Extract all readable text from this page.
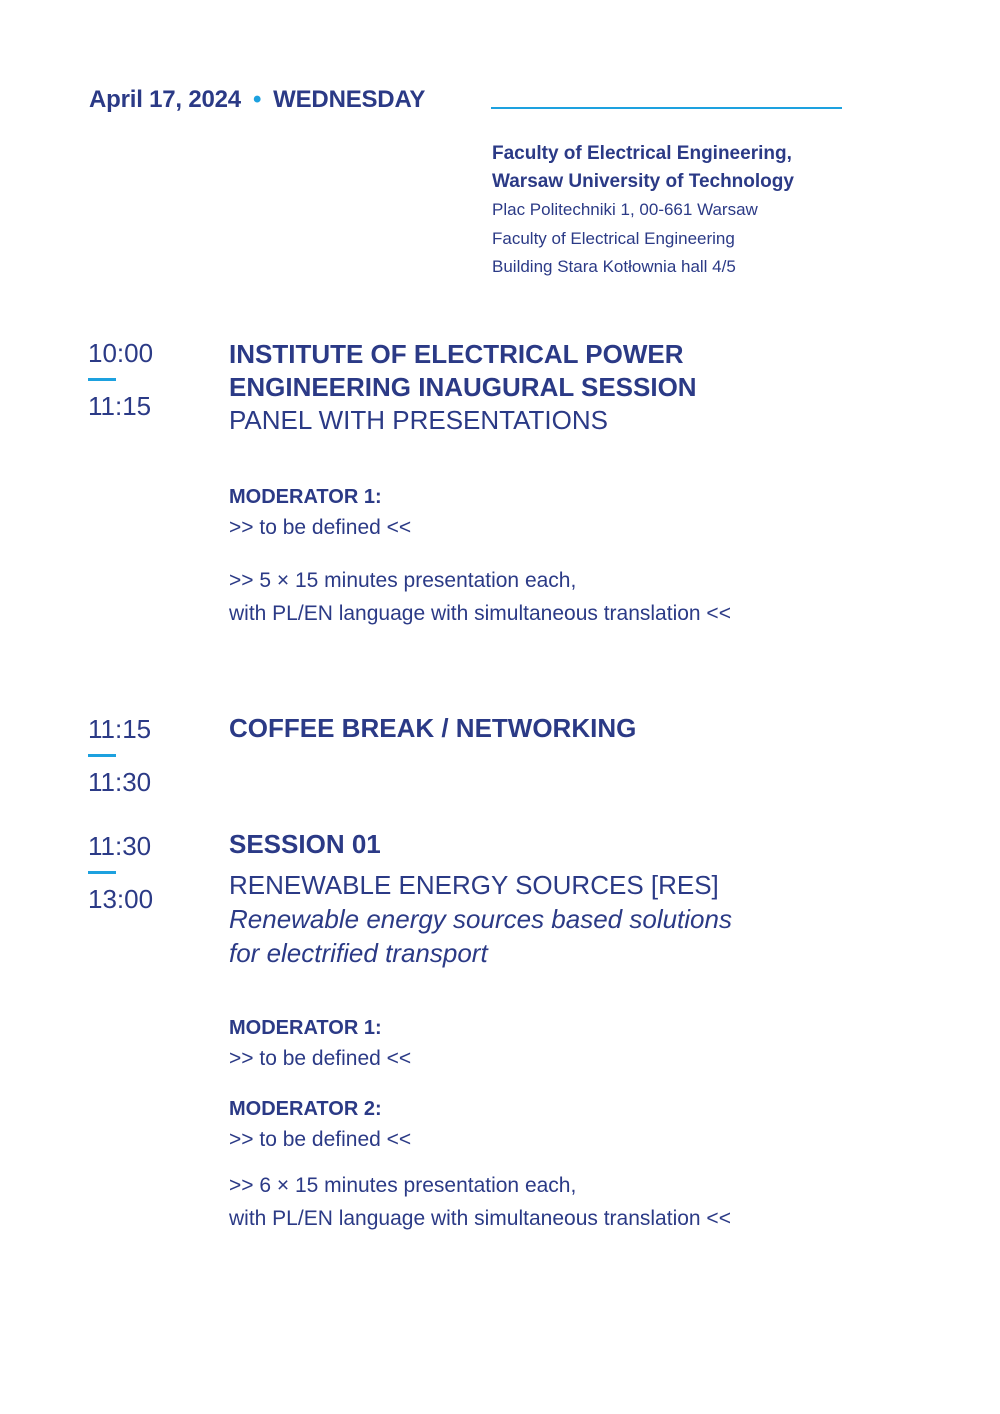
April 17, 2024 • WEDNESDAY
Faculty of Electrical Engineering,
Warsaw University of Technology
Plac Politechniki 1, 00-661 Warsaw
Faculty of Electrical Engineering
Building Stara Kotłownia hall 4/5
10:00
11:15
INSTITUTE OF ELECTRICAL POWER
ENGINEERING INAUGURAL SESSION
PANEL WITH PRESENTATIONS
MODERATOR 1:
>> to be defined <<
>> 5 × 15 minutes presentation each,
with PL/EN language with simultaneous translation <<
11:15
11:30
COFFEE BREAK / NETWORKING
11:30
13:00
SESSION 01
RENEWABLE ENERGY SOURCES [RES]
Renewable energy sources based solutions
for electrified transport
MODERATOR 1:
>> to be defined <<
MODERATOR 2:
>> to be defined <<
>> 6 × 15 minutes presentation each,
with PL/EN language with simultaneous translation <<
